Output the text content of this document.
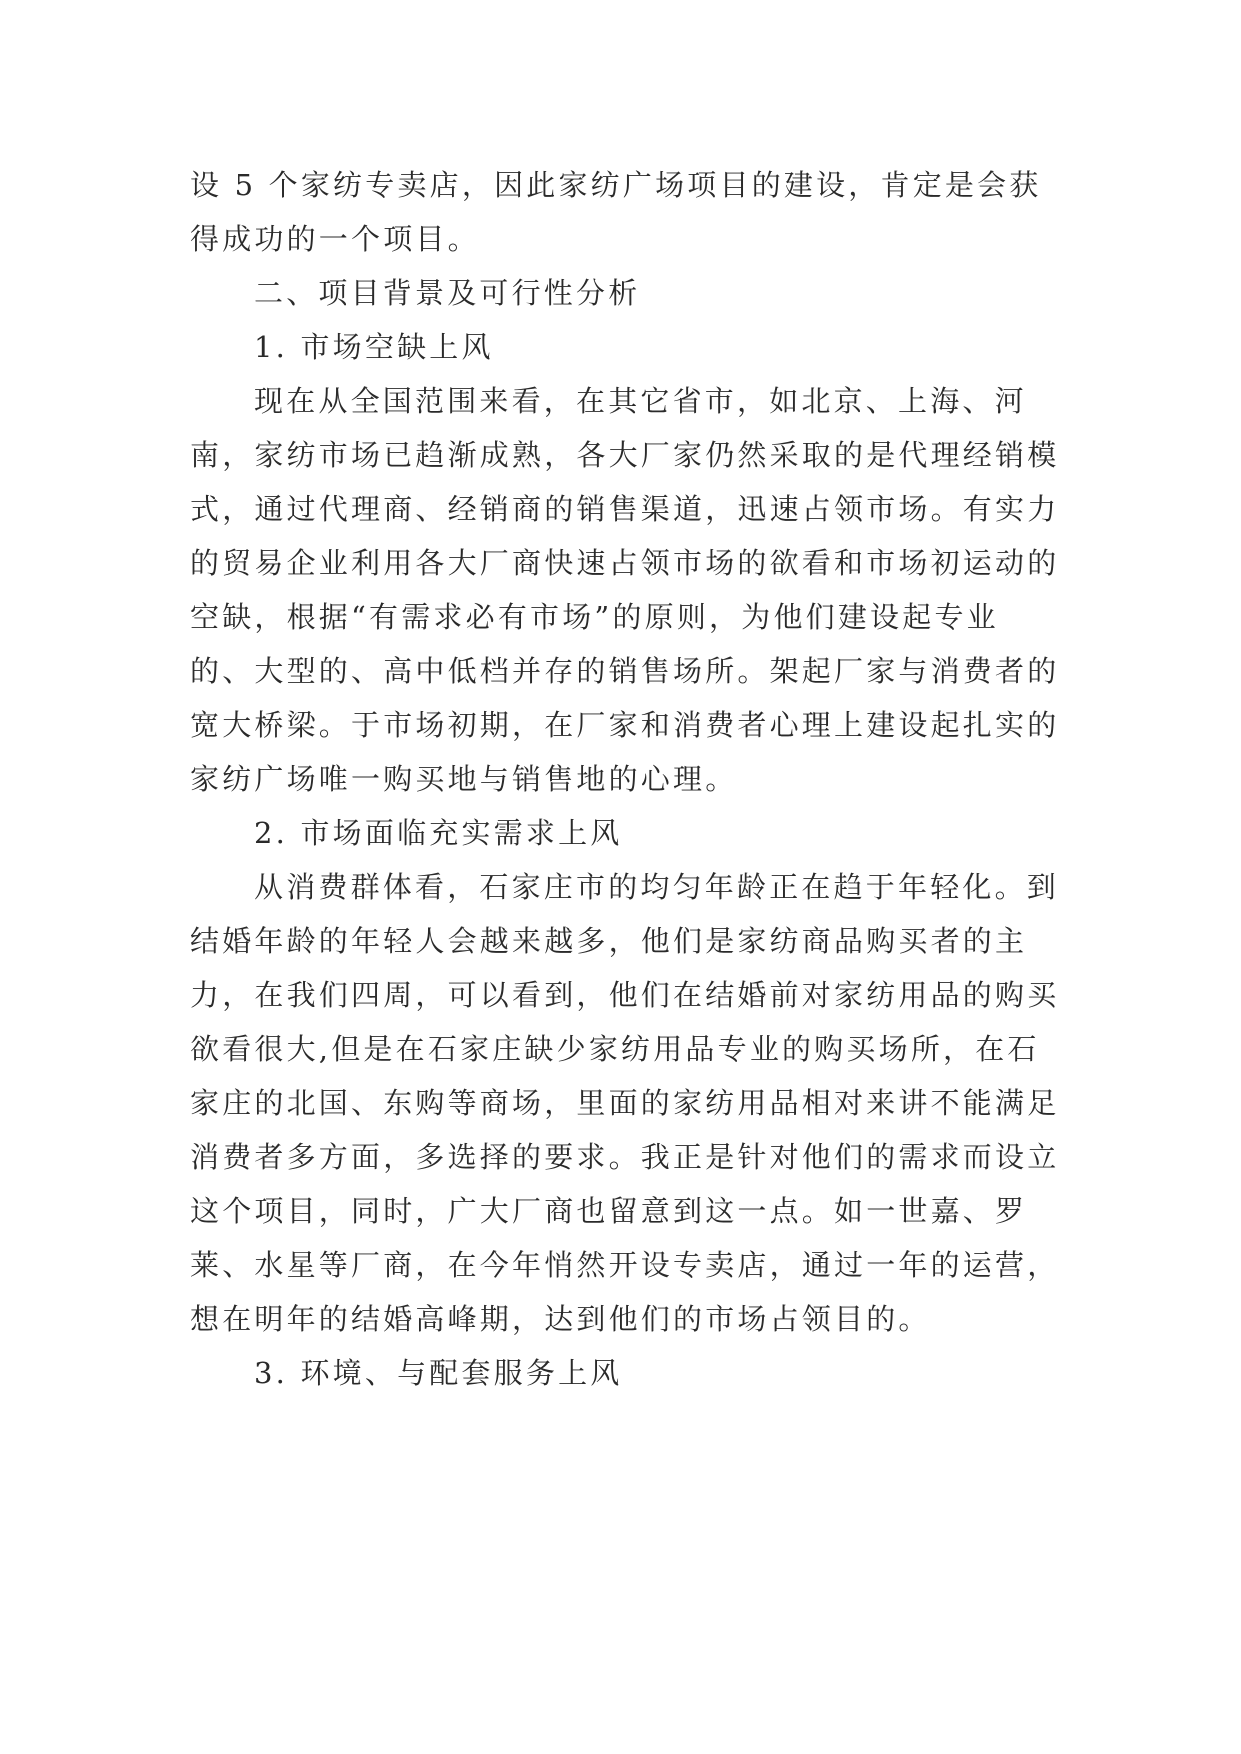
设 5 个家纺专卖店，因此家纺广场项目的建设，肯定是会获得成功的一个项目。

二、项目背景及可行性分析

1. 市场空缺上风

现在从全国范围来看，在其它省市，如北京、上海、河南，家纺市场已趋渐成熟，各大厂家仍然采取的是代理经销模式，通过代理商、经销商的销售渠道，迅速占领市场。有实力的贸易企业利用各大厂商快速占领市场的欲看和市场初运动的空缺，根据“有需求必有市场”的原则，为他们建设起专业的、大型的、高中低档并存的销售场所。架起厂家与消费者的宽大桥梁。于市场初期，在厂家和消费者心理上建设起扎实的家纺广场唯一购买地与销售地的心理。

2. 市场面临充实需求上风

从消费群体看，石家庄市的均匀年龄正在趋于年轻化。到结婚年龄的年轻人会越来越多，他们是家纺商品购买者的主力，在我们四周，可以看到，他们在结婚前对家纺用品的购买欲看很大,但是在石家庄缺少家纺用品专业的购买场所，在石家庄的北国、东购等商场，里面的家纺用品相对来讲不能满足消费者多方面，多选择的要求。我正是针对他们的需求而设立这个项目，同时，广大厂商也留意到这一点。如一世嘉、罗莱、水星等厂商，在今年悄然开设专卖店，通过一年的运营，想在明年的结婚高峰期，达到他们的市场占领目的。

3. 环境、与配套服务上风
